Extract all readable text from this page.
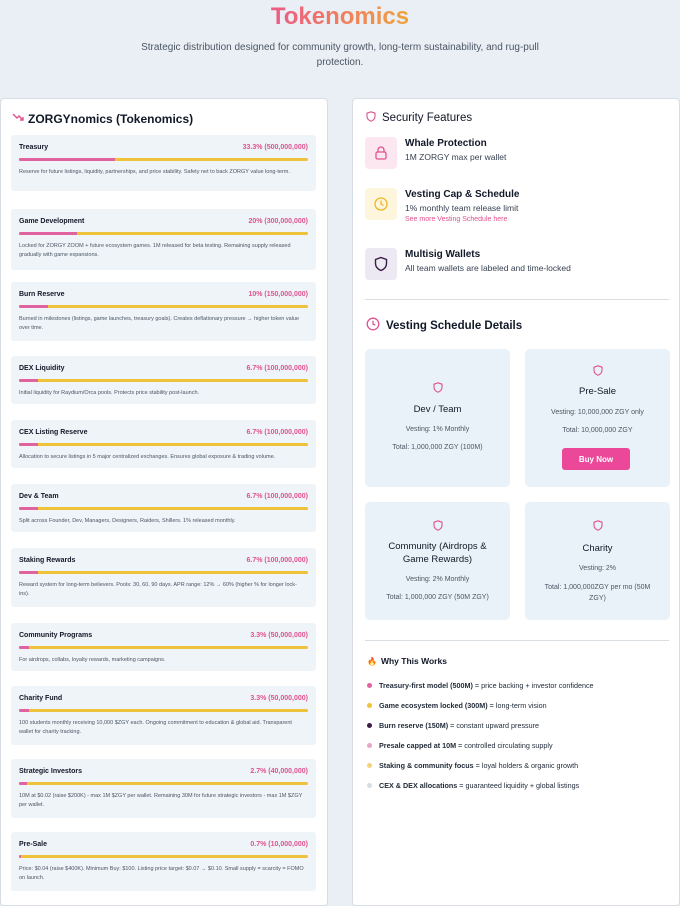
Tokenomics
Strategic distribution designed for community growth, long-term sustainability, and rug-pull protection.
ZORGYnomics (Tokenomics)
Treasury	33.3% (500,000,000)
Reserve for future listings, liquidity, partnerships, and price stability. Safety net to back ZORGY value long-term.
Game Development	20% (300,000,000)
Locked for ZORGY ZOOM + future ecosystem games. 1M released for beta testing. Remaining supply released gradually with game expansions.
Burn Reserve	10% (150,000,000)
Burned in milestones (listings, game launches, treasury goals). Creates deflationary pressure → higher token value over time.
DEX Liquidity	6.7% (100,000,000)
Initial liquidity for Raydium/Orca pools. Protects price stability post-launch.
CEX Listing Reserve	6.7% (100,000,000)
Allocation to secure listings in 5 major centralized exchanges. Ensures global exposure & trading volume.
Dev & Team	6.7% (100,000,000)
Split across Founder, Dev, Managers, Designers, Raiders, Shillers. 1% released monthly.
Staking Rewards	6.7% (100,000,000)
Reward system for long-term believers. Pools: 30, 60, 90 days. APR range: 12% → 60% (higher % for longer lock-ins).
Community Programs	3.3% (50,000,000)
For airdrops, collabs, loyalty rewards, marketing campaigns.
Charity Fund	3.3% (50,000,000)
100 students monthly receiving 10,000 $ZGY each. Ongoing commitment to education & global aid. Transparent wallet for charity tracking.
Strategic Investors	2.7% (40,000,000)
10M at $0.02 (raise $200K) - max 1M $ZGY per wallet. Remaining 30M for future strategic investors - max 1M $ZGY per wallet.
Pre-Sale	0.7% (10,000,000)
Price: $0.04 (raise $400K). Minimum Buy: $100. Listing price target: $0.07 → $0.10. Small supply = scarcity = FOMO on launch.
Security Features
Whale Protection
1M ZORGY max per wallet
Vesting Cap & Schedule
1% monthly team release limit
See more Vesting Schedule here
Multisig Wallets
All team wallets are labeled and time-locked
Vesting Schedule Details
Dev / Team
Vesting: 1% Monthly
Total: 1,000,000 ZGY (100M)
Pre-Sale
Vesting: 10,000,000 ZGY only
Total: 10,000,000 ZGY
Buy Now
Community (Airdrops & Game Rewards)
Vesting: 2% Monthly
Total: 1,000,000 ZGY (50M ZGY)
Charity
Vesting: 2%
Total: 1,000,000ZGY per mo (50M ZGY)
🔥 Why This Works
Treasury-first model (500M) = price backing + investor confidence
Game ecosystem locked (300M) = long-term vision
Burn reserve (150M) = constant upward pressure
Presale capped at 10M = controlled circulating supply
Staking & community focus = loyal holders & organic growth
CEX & DEX allocations = guaranteed liquidity + global listings
